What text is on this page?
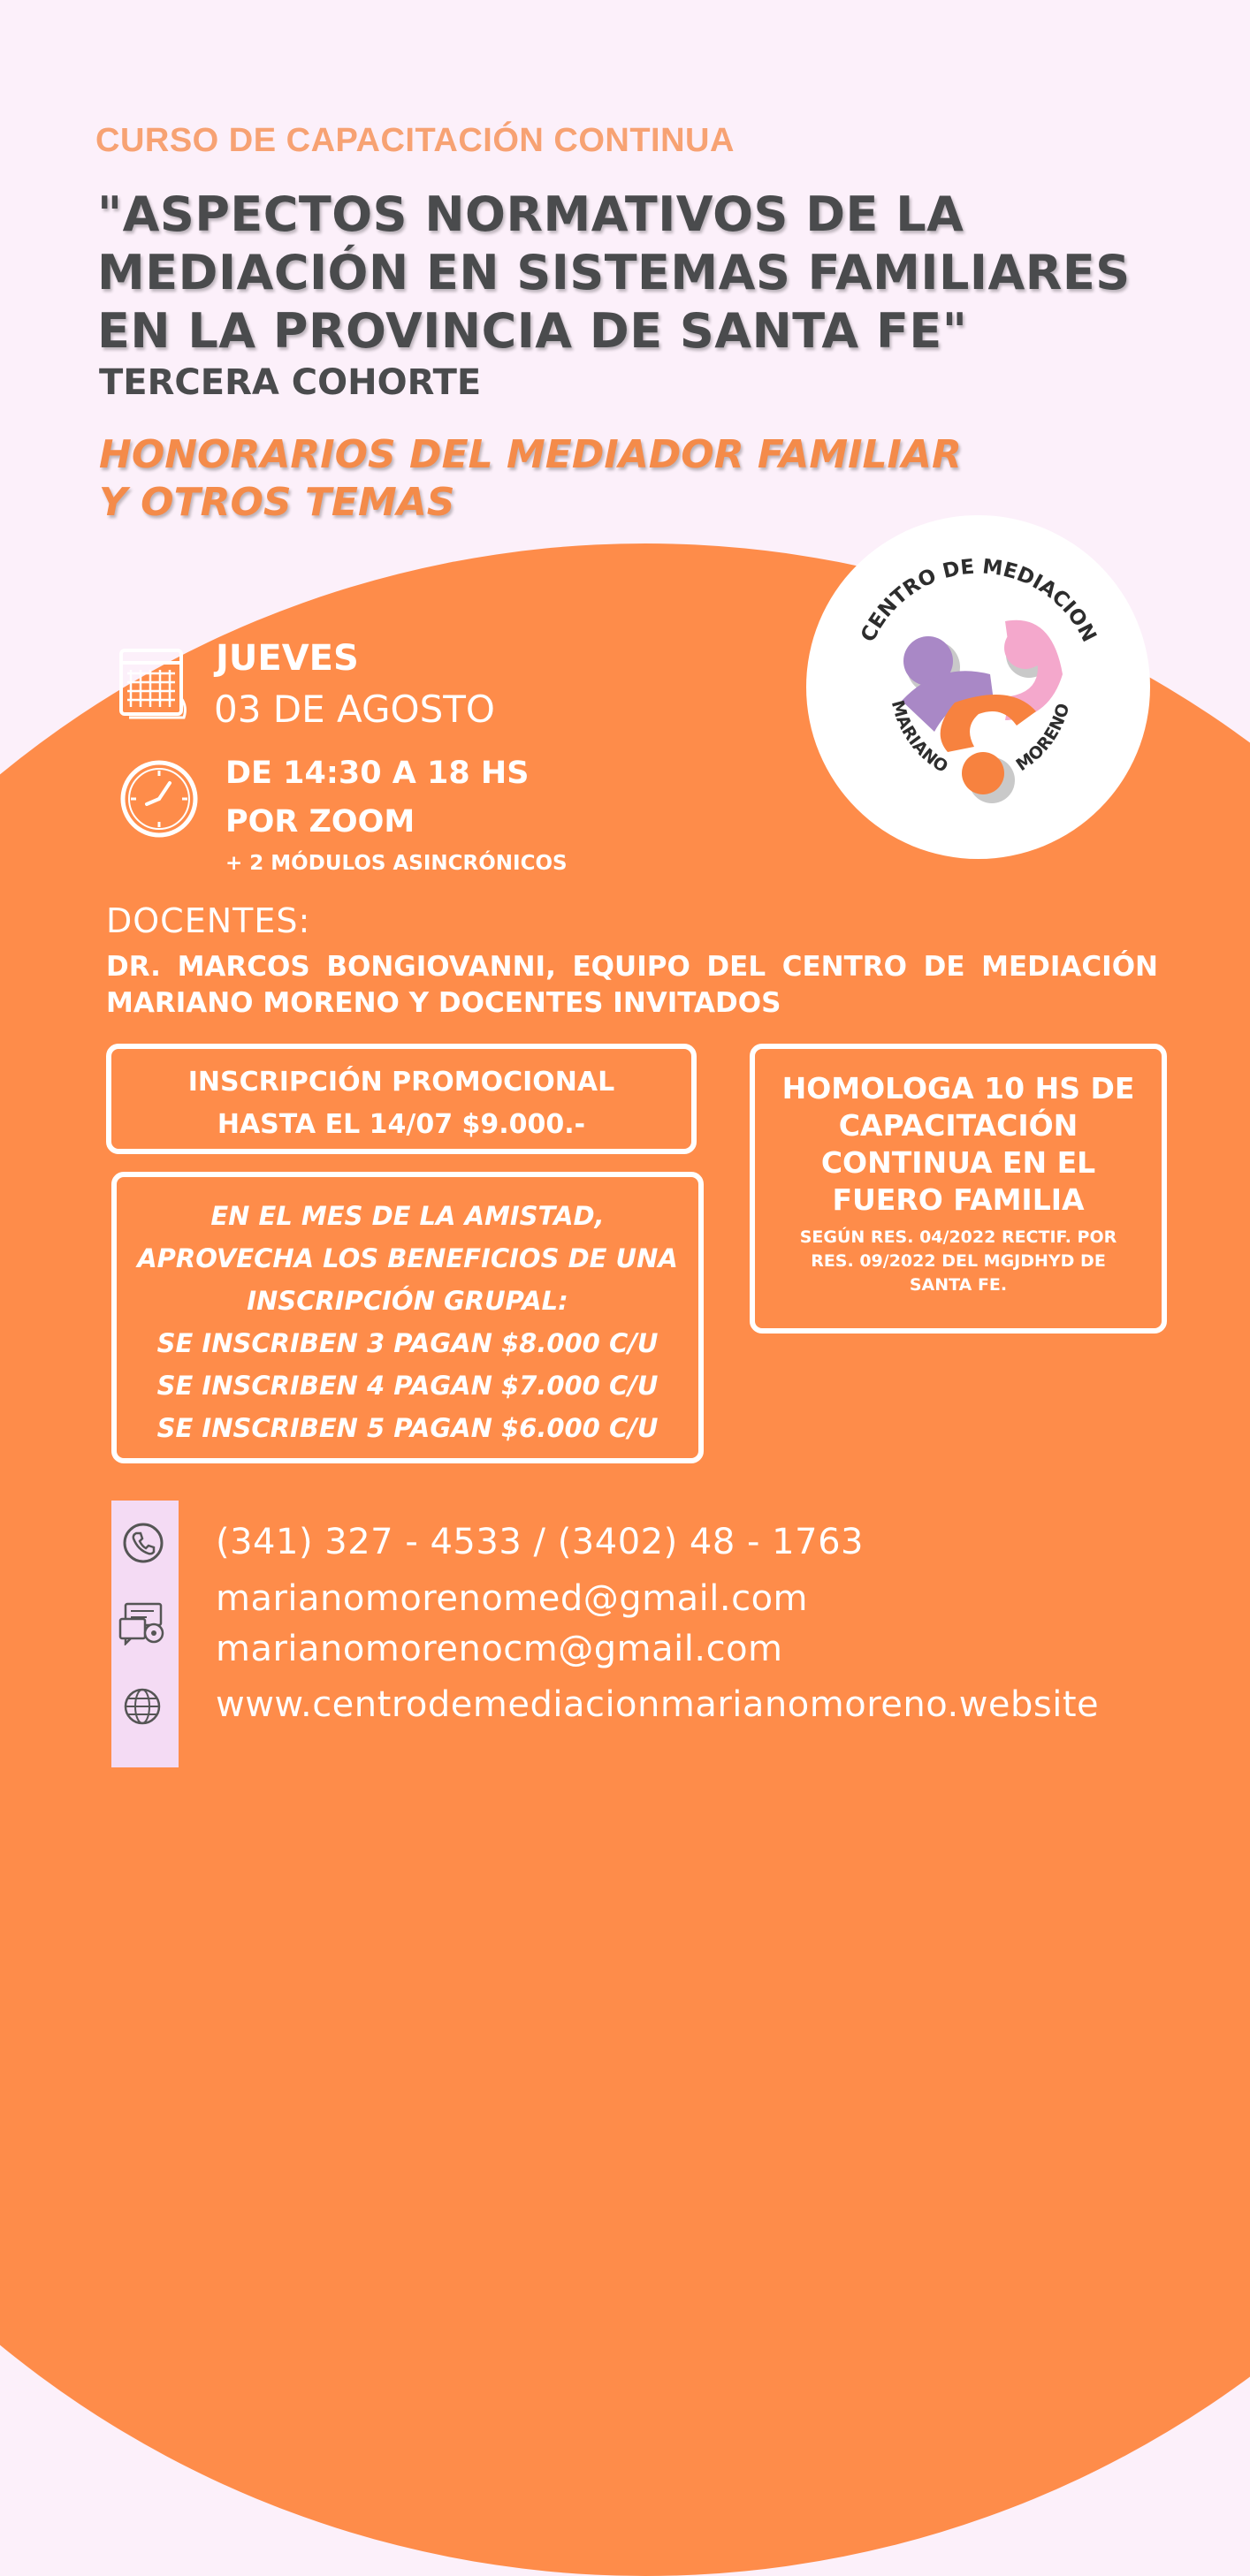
CURSO DE CAPACITACIÓN CONTINUA
"ASPECTOS NORMATIVOS DE LA
MEDIACIÓN EN SISTEMAS FAMILIARES
EN LA PROVINCIA DE SANTA FE"
TERCERA COHORTE
HONORARIOS DEL MEDIADOR FAMILIAR
Y OTROS TEMAS
CENTRO DE MEDIACION
MARIANO	MORENO
JUEVES
03 DE AGOSTO
DE 14:30 A 18 HS
POR ZOOM
+ 2 MÓDULOS ASINCRÓNICOS
DOCENTES:
DR. MARCOS BONGIOVANNI, EQUIPO DEL CENTRO DE MEDIACIÓN MARIANO MORENO Y DOCENTES INVITADOS
INSCRIPCIÓN PROMOCIONAL
HASTA EL 14/07 $9.000.-
EN EL MES DE LA AMISTAD,
APROVECHA LOS BENEFICIOS DE UNA
INSCRIPCIÓN GRUPAL:
SE INSCRIBEN 3 PAGAN $8.000 C/U
SE INSCRIBEN 4 PAGAN $7.000 C/U
SE INSCRIBEN 5 PAGAN $6.000 C/U
HOMOLOGA 10 HS DE
CAPACITACIÓN
CONTINUA EN EL
FUERO FAMILIA
SEGÚN RES. 04/2022 RECTIF. POR
RES. 09/2022 DEL MGJDHYD DE
SANTA FE.
(341) 327 - 4533 / (3402) 48 - 1763
marianomorenomed@gmail.com
marianomorenocm@gmail.com
www.centrodemediacionmarianomoreno.website
